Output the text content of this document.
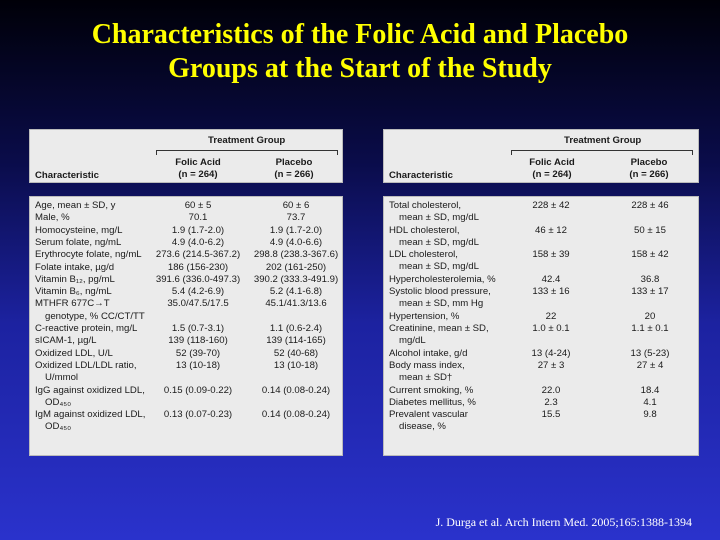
Characteristics of the Folic Acid and Placebo
Groups at the Start of the Study
Treatment Group
Folic Acid
(n = 264)
Placebo
(n = 266)
Characteristic
Age, mean ± SD, y	60 ± 5	60 ± 6
Male, %	70.1	73.7
Homocysteine, mg/L	1.9 (1.7-2.0)	1.9 (1.7-2.0)
Serum folate, ng/mL	4.9 (4.0-6.2)	4.9 (4.0-6.6)
Erythrocyte folate, ng/mL	273.6 (214.5-367.2)	298.8 (238.3-367.6)
Folate intake, µg/d	186 (156-230)	202 (161-250)
Vitamin B₁₂, pg/mL	391.6 (336.0-497.3)	390.2 (333.3-491.9)
Vitamin B₆, ng/mL	5.4 (4.2-6.9)	5.2 (4.1-6.8)
MTHFR 677C→T
genotype, % CC/CT/TT
35.0/47.5/17.5	45.1/41.3/13.6
C-reactive protein, mg/L	1.5 (0.7-3.1)	1.1 (0.6-2.4)
sICAM-1, µg/L	139 (118-160)	139 (114-165)
Oxidized LDL, U/L	52 (39-70)	52 (40-68)
Oxidized LDL/LDL ratio,
U/mmol
13 (10-18)	13 (10-18)
IgG against oxidized LDL,
OD₄₅₀
0.15 (0.09-0.22)	0.14 (0.08-0.24)
IgM against oxidized LDL,
OD₄₅₀
0.13 (0.07-0.23)	0.14 (0.08-0.24)
Treatment Group
Folic Acid
(n = 264)
Placebo
(n = 266)
Characteristic
Total cholesterol,
mean ± SD, mg/dL
228 ± 42	228 ± 46
HDL cholesterol,
mean ± SD, mg/dL
46 ± 12	50 ± 15
LDL cholesterol,
mean ± SD, mg/dL
158 ± 39	158 ± 42
Hypercholesterolemia, %	42.4	36.8
Systolic blood pressure,
mean ± SD, mm Hg
133 ± 16	133 ± 17
Hypertension, %	22	20
Creatinine, mean ± SD,
mg/dL
1.0 ± 0.1	1.1 ± 0.1
Alcohol intake, g/d	13 (4-24)	13 (5-23)
Body mass index,
mean ± SD†
27 ± 3	27 ± 4
Current smoking, %	22.0	18.4
Diabetes mellitus, %	2.3	4.1
Prevalent vascular
disease, %
15.5	9.8
J. Durga et al. Arch Intern Med. 2005;165:1388-1394
